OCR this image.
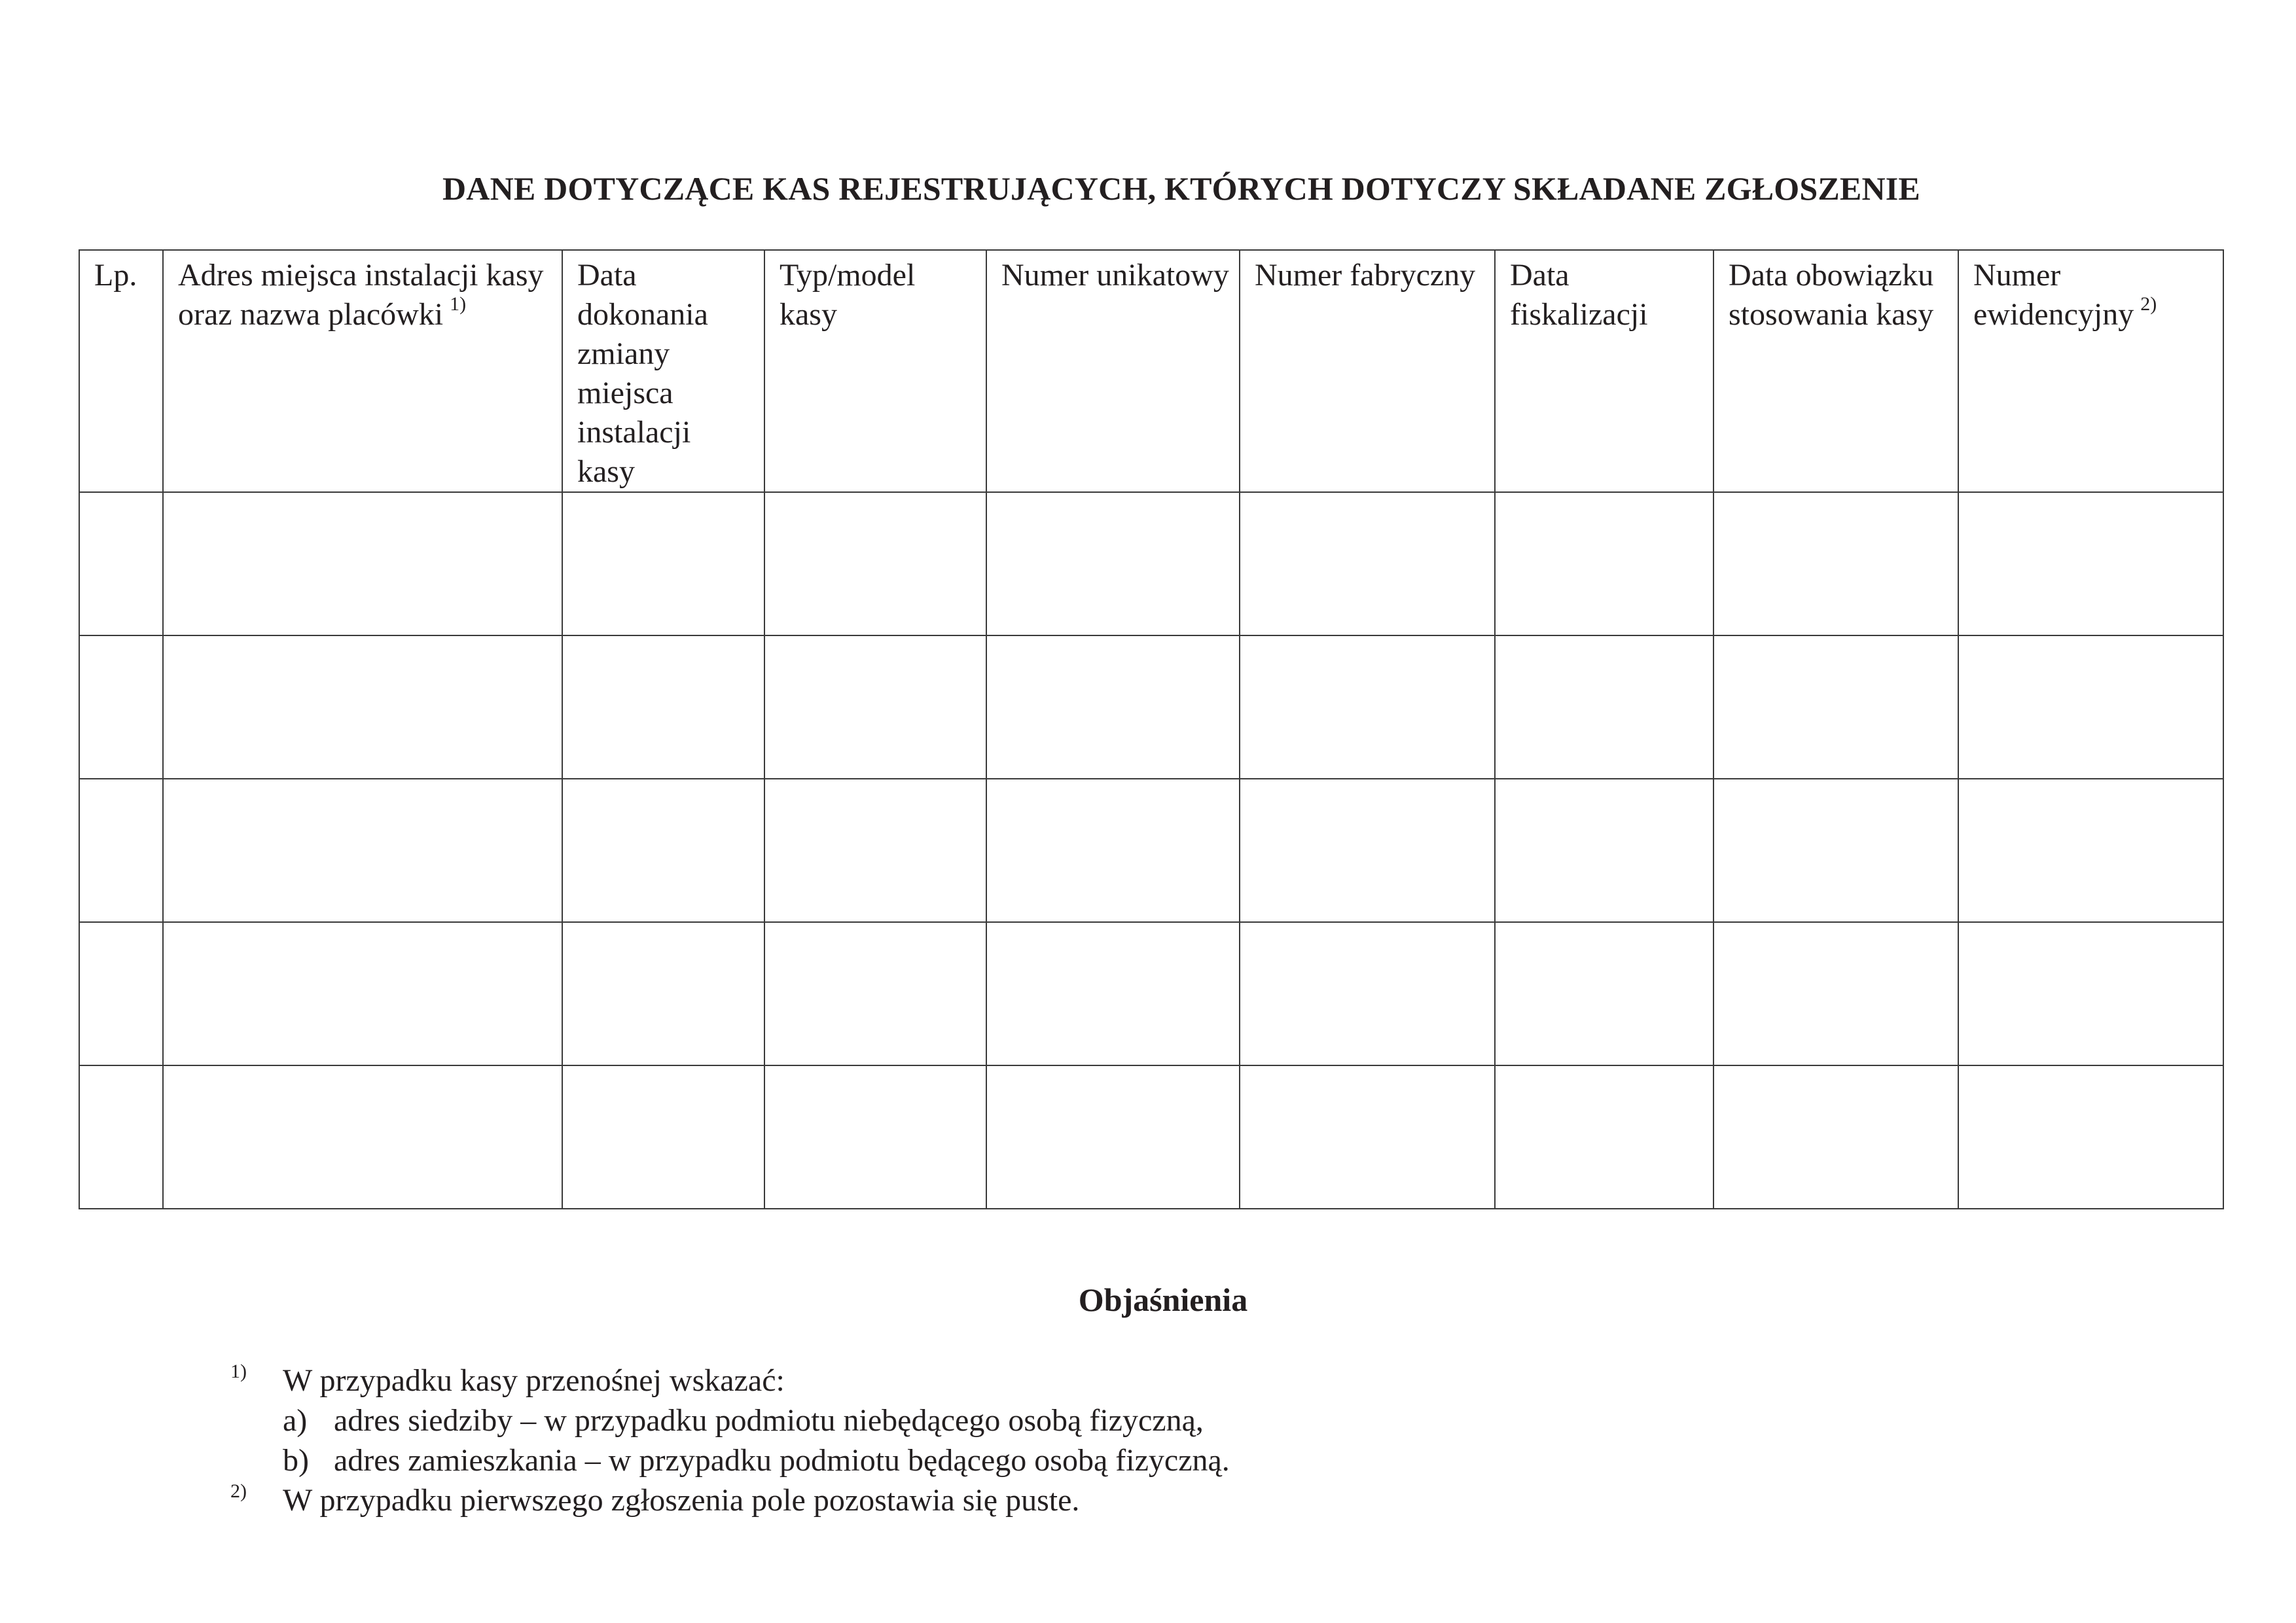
DANE DOTYCZĄCE KAS REJESTRUJĄCYCH, KTÓRYCH DOTYCZY SKŁADANE ZGŁOSZENIE
Lp.	Adres miejsca instalacji kasy oraz nazwa placówki $^{1)}$	Data dokonania zmiany miejsca instalacji kasy	Typ/model kasy	Numer unikatowy	Numer fabryczny	Data fiskalizacji	Data obowiązku stosowania kasy	Numer ewidencyjny $^{2)}$

Objaśnienia
1) W przypadku kasy przenośnej wskazać:
a) adres siedziby – w przypadku podmiotu niebędącego osobą fizyczną,
b) adres zamieszkania – w przypadku podmiotu będącego osobą fizyczną.
2) W przypadku pierwszego zgłoszenia pole pozostawia się puste.
